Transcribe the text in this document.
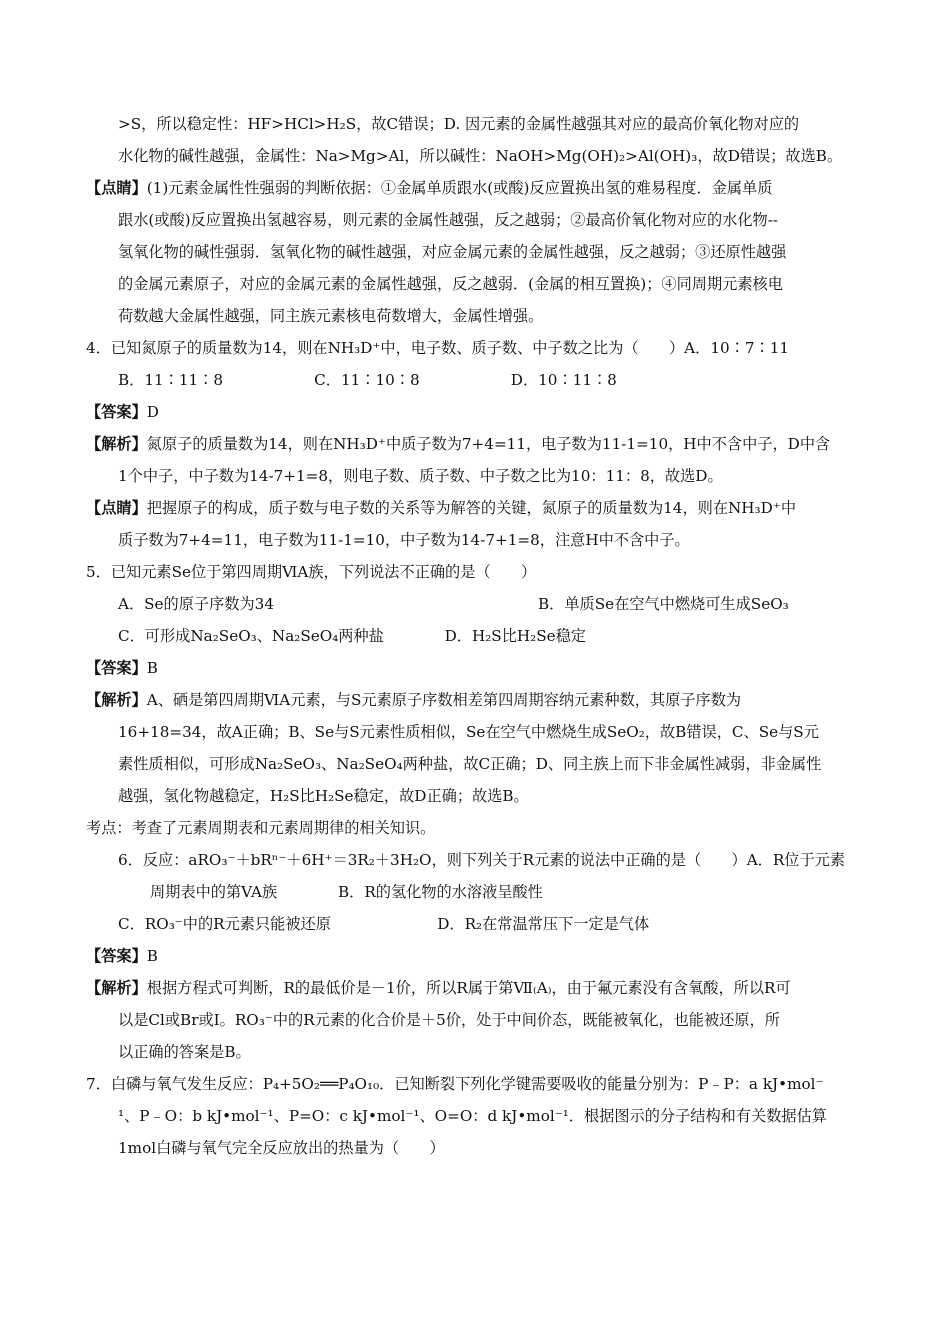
>S，所以稳定性：HF>HCl>H₂S，故C错误；D. 因元素的金属性越强其对应的最高价氧化物对应的
水化物的碱性越强，金属性：Na>Mg>Al，所以碱性：NaOH>Mg(OH)₂>Al(OH)₃，故D错误；故选B。
【点睛】(1)元素金属性性强弱的判断依据：①金属单质跟水(或酸)反应置换出氢的难易程度．金属单质
跟水(或酸)反应置换出氢越容易，则元素的金属性越强，反之越弱；②最高价氧化物对应的水化物--
氢氧化物的碱性强弱．氢氧化物的碱性越强，对应金属元素的金属性越强，反之越弱；③还原性越强
的金属元素原子，对应的金属元素的金属性越强，反之越弱．(金属的相互置换)；④同周期元素核电
荷数越大金属性越强，同主族元素核电荷数增大，金属性增强。
4．已知氮原子的质量数为14，则在NH₃D⁺中，电子数、质子数、中子数之比为（　　）A．10∶7∶11
B．11∶11∶8　　　　　　C．11∶10∶8　　　　　　D．10∶11∶8
【答案】D
【解析】氮原子的质量数为14，则在NH₃D⁺中质子数为7+4=11，电子数为11-1=10，H中不含中子，D中含
1个中子，中子数为14-7+1=8，则电子数、质子数、中子数之比为10：11：8，故选D。
【点睛】把握原子的构成，质子数与电子数的关系等为解答的关键，氮原子的质量数为14，则在NH₃D⁺中
质子数为7+4=11，电子数为11-1=10，中子数为14-7+1=8，注意H中不含中子。
5．已知元素Se位于第四周期ⅥA族，下列说法不正确的是（　　）
A．Se的原子序数为34	B．单质Se在空气中燃烧可生成SeO₃
C．可形成Na₂SeO₃、Na₂SeO₄两种盐　　　　D．H₂S比H₂Se稳定
【答案】B
【解析】A、硒是第四周期ⅥA元素，与S元素原子序数相差第四周期容纳元素种数，其原子序数为
16+18=34，故A正确；B、Se与S元素性质相似，Se在空气中燃烧生成SeO₂，故B错误，C、Se与S元
素性质相似，可形成Na₂SeO₃、Na₂SeO₄两种盐，故C正确；D、同主族上而下非金属性减弱，非金属性
越强，氢化物越稳定，H₂S比H₂Se稳定，故D正确；故选B。
考点：考查了元素周期表和元素周期律的相关知识。
6．反应：aRO₃⁻＋bRⁿ⁻＋6H⁺＝3R₂＋3H₂O，则下列关于R元素的说法中正确的是（　　）A．R位于元素
周期表中的第VA族　　　　B．R的氢化物的水溶液呈酸性
C．RO₃⁻中的R元素只能被还原　　　　　　　D．R₂在常温常压下一定是气体
【答案】B
【解析】根据方程式可判断，R的最低价是－1价，所以R属于第Ⅶ₍A₎，由于氟元素没有含氧酸，所以R可
以是Cl或Br或I。RO₃⁻中的R元素的化合价是＋5价，处于中间价态，既能被氧化，也能被还原，所
以正确的答案是B。
7．白磷与氧气发生反应：P₄+5O₂══P₄O₁₀．已知断裂下列化学键需要吸收的能量分别为：P﹣P：a kJ•mol⁻
¹、P﹣O：b kJ•mol⁻¹、P=O：c kJ•mol⁻¹、O=O：d kJ•mol⁻¹．根据图示的分子结构和有关数据估算
1mol白磷与氧气完全反应放出的热量为（　　）
